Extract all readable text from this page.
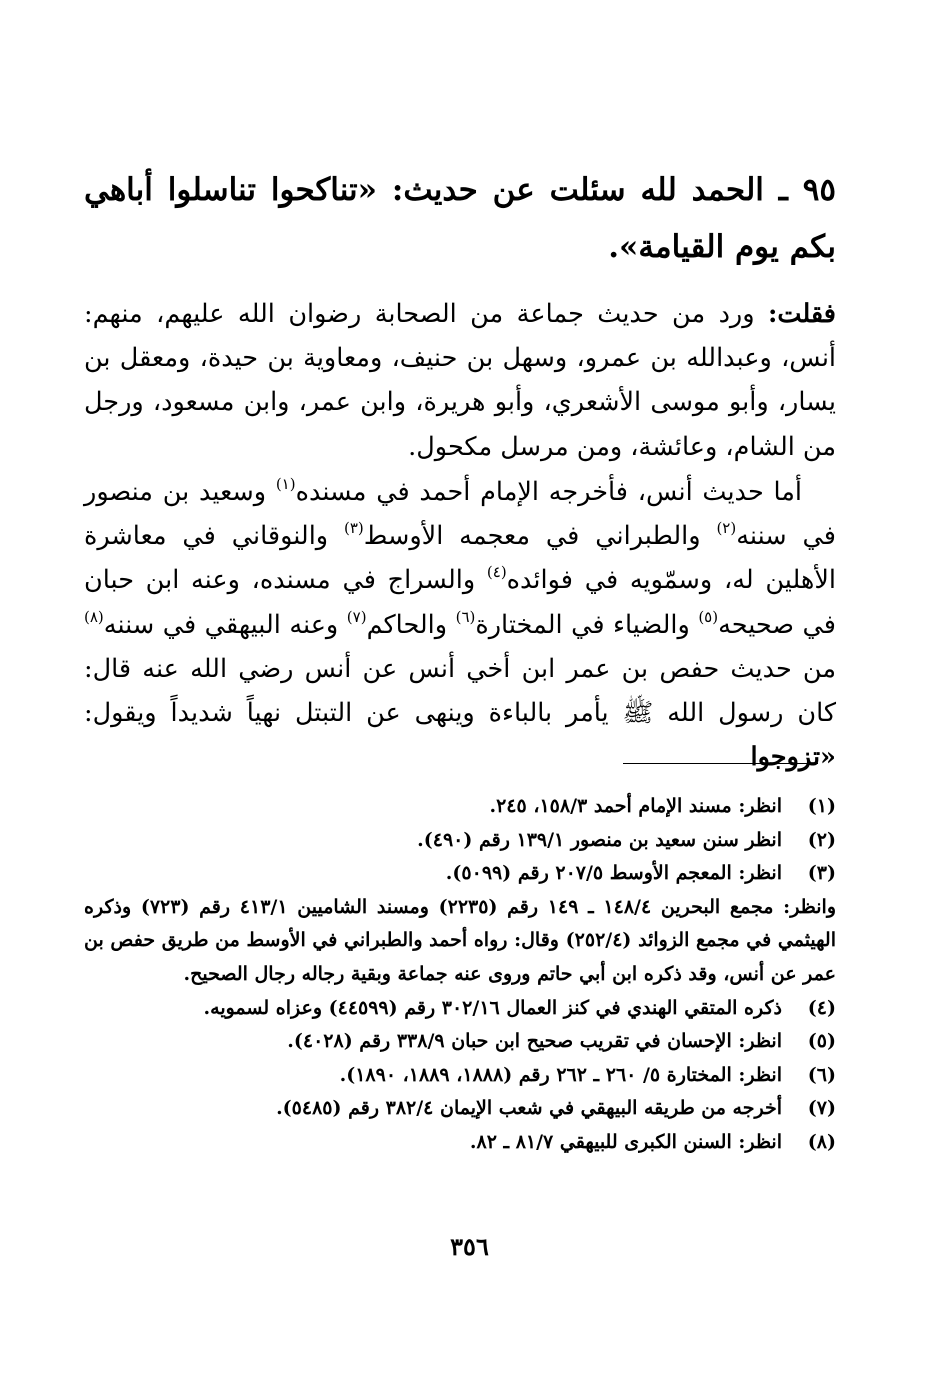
٩٥ ـ الحمد لله سئلت عن حديث: «تناكحوا تناسلوا أباهي بكم يوم القيامة».

فقلت: ورد من حديث جماعة من الصحابة رضوان الله عليهم، منهم: أنس، وعبدالله بن عمرو، وسهل بن حنيف، ومعاوية بن حيدة، ومعقل بن يسار، وأبو موسى الأشعري، وأبو هريرة، وابن عمر، وابن مسعود، ورجل من الشام، وعائشة، ومن مرسل مكحول.

أما حديث أنس، فأخرجه الإمام أحمد في مسنده$^{(١)}$ وسعيد بن منصور في سننه$^{(٢)}$ والطبراني في معجمه الأوسط$^{(٣)}$ والنوقاني في معاشرة الأهلين له، وسمّويه في فوائده$^{(٤)}$ والسراج في مسنده، وعنه ابن حبان في صحيحه$^{(٥)}$ والضياء في المختارة$^{(٦)}$ والحاكم$^{(٧)}$ وعنه البيهقي في سننه$^{(٨)}$ من حديث حفص بن عمر ابن أخي أنس عن أنس رضي الله عنه قال: كان رسول الله ﷺ يأمر بالباءة وينهى عن التبتل نهياً شديداً ويقول: «تزوجوا

(١)
انظر: مسند الإمام أحمد ١٥٨/٣، ٢٤٥.
(٢)
انظر سنن سعيد بن منصور ١٣٩/١ رقم (٤٩٠).
(٣)
انظر: المعجم الأوسط ٢٠٧/٥ رقم (٥٠٩٩).
وانظر: مجمع البحرين ١٤٨/٤ ـ ١٤٩ رقم (٢٢٣٥) ومسند الشاميين ٤١٣/١ رقم (٧٢٣) وذكره الهيثمي في مجمع الزوائد (٢٥٢/٤) وقال: رواه أحمد والطبراني في الأوسط من طريق حفص بن عمر عن أنس، وقد ذكره ابن أبي حاتم وروى عنه جماعة وبقية رجاله رجال الصحيح.
(٤)
ذكره المتقي الهندي في كنز العمال ٣٠٢/١٦ رقم (٤٤٥٩٩) وعزاه لسمويه.
(٥)
انظر: الإحسان في تقريب صحيح ابن حبان ٣٣٨/٩ رقم (٤٠٢٨).
(٦)
انظر: المختارة ٥/ ٢٦٠ ـ ٢٦٢ رقم (١٨٨٨، ١٨٨٩، ١٨٩٠).
(٧)
أخرجه من طريقه البيهقي في شعب الإيمان ٣٨٢/٤ رقم (٥٤٨٥).
(٨)
انظر: السنن الكبرى للبيهقي ٨١/٧ ـ ٨٢.
٣٥٦
